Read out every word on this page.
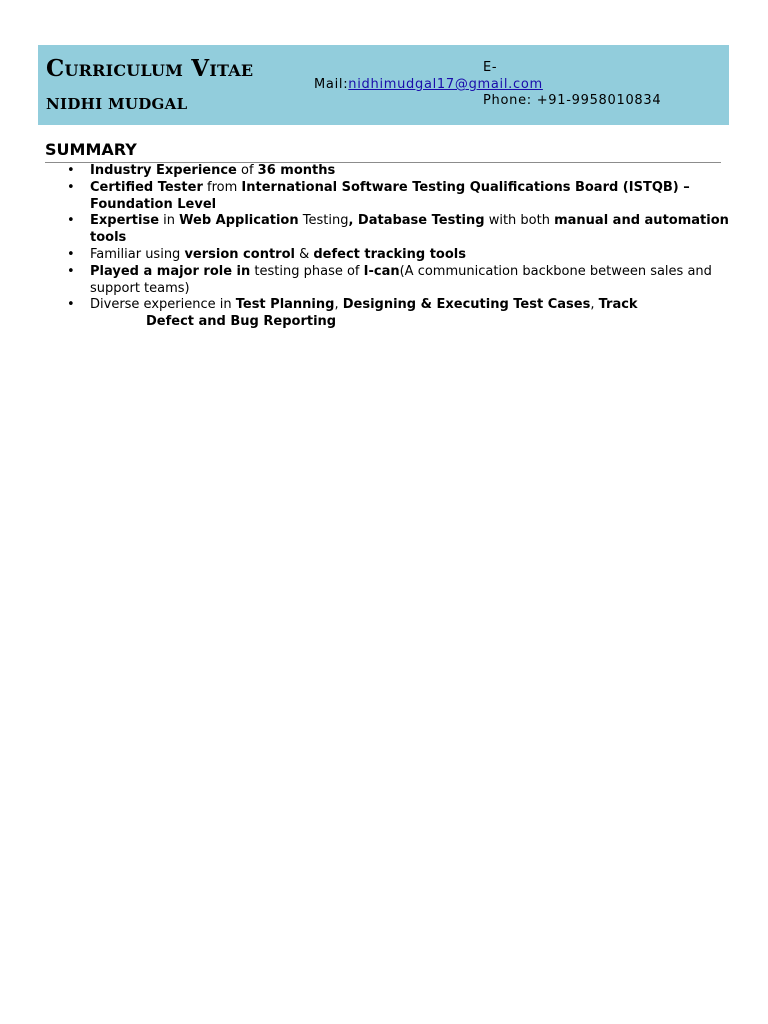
Curriculum Vitae
NIDHI MUDGAL
E-
Mail:nidhimudgal17@gmail.com
Phone: +91-9958010834
SUMMARY
• Industry Experience of 36 months
• Certified Tester from International Software Testing Qualifications Board (ISTQB) – Foundation Level
• Expertise in Web Application Testing, Database Testing with both manual and automation tools
• Familiar using version control & defect tracking tools
• Played a major role in testing phase of I-can(A communication backbone between sales and support teams)
• Diverse experience in Test Planning, Designing & Executing Test Cases, Track
Defect and Bug Reporting
